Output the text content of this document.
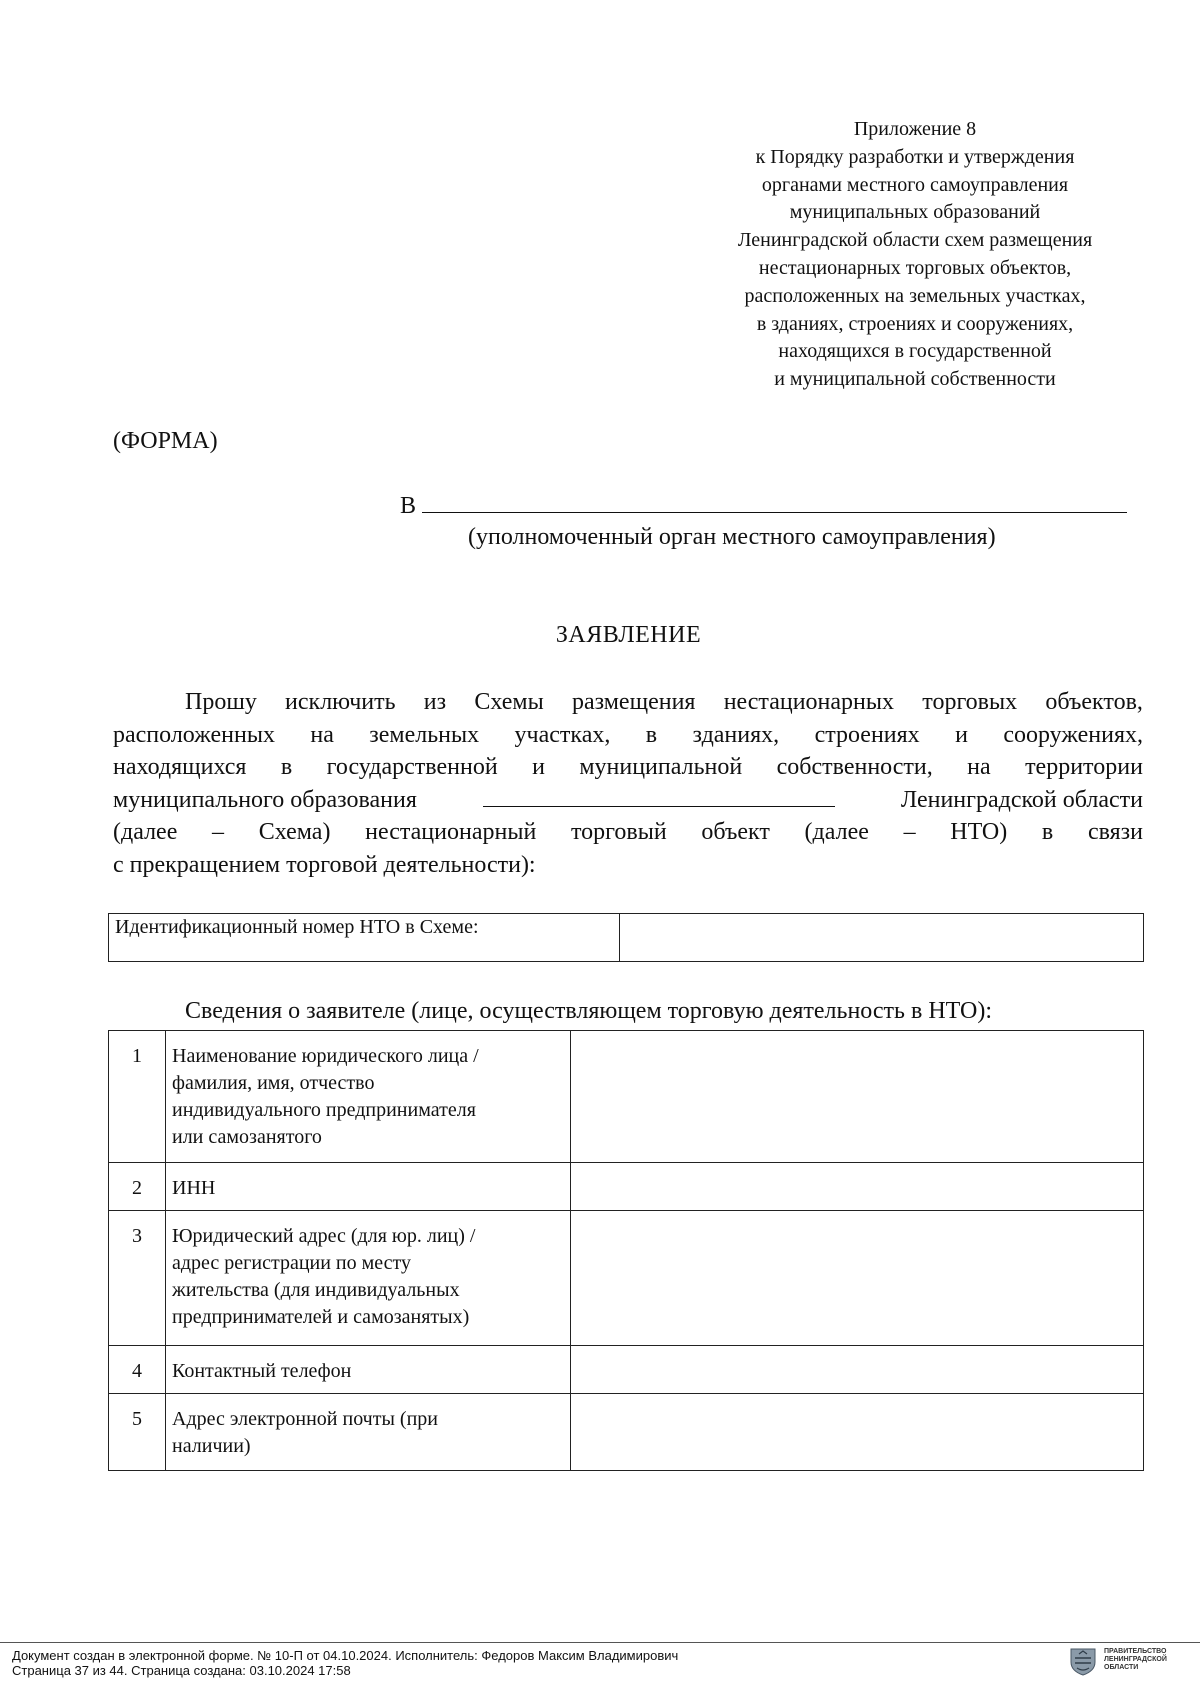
Приложение 8
к Порядку разработки и утверждения
органами местного самоуправления
муниципальных образований
Ленинградской области схем размещения
нестационарных торговых объектов,
расположенных на земельных участках,
в зданиях, строениях и сооружениях,
находящихся в государственной
и муниципальной собственности
(ФОРМА)
В
(уполномоченный орган местного самоуправления)
ЗАЯВЛЕНИЕ
Прошу исключить из Схемы размещения нестационарных торговых объектов,
расположенных на земельных участках, в зданиях, строениях и сооружениях,
находящихся в государственной и муниципальной собственности, на территории
муниципального образования	Ленинградской области
(далее – Схема) нестационарный торговый объект (далее – НТО) в связи
с прекращением торговой деятельности):
Идентификационный номер НТО в Схеме:	
Сведения о заявителе (лице, осуществляющем торговую деятельность в НТО):
1	Наименование юридического лица /
фамилия, имя, отчество
индивидуального предпринимателя
или самозанятого	

2	ИНН	

3	Юридический адрес (для юр. лиц) /
адрес регистрации по месту
жительства (для индивидуальных
предпринимателей и самозанятых)	

4	Контактный телефон	

5	Адрес электронной почты (при
наличии)	

Документ создан в электронной форме. № 10-П от 04.10.2024. Исполнитель: Федоров Максим Владимирович
Страница 37 из 44. Страница создана: 03.10.2024 17:58
ПРАВИТЕЛЬСТВО
ЛЕНИНГРАДСКОЙ
ОБЛАСТИ
